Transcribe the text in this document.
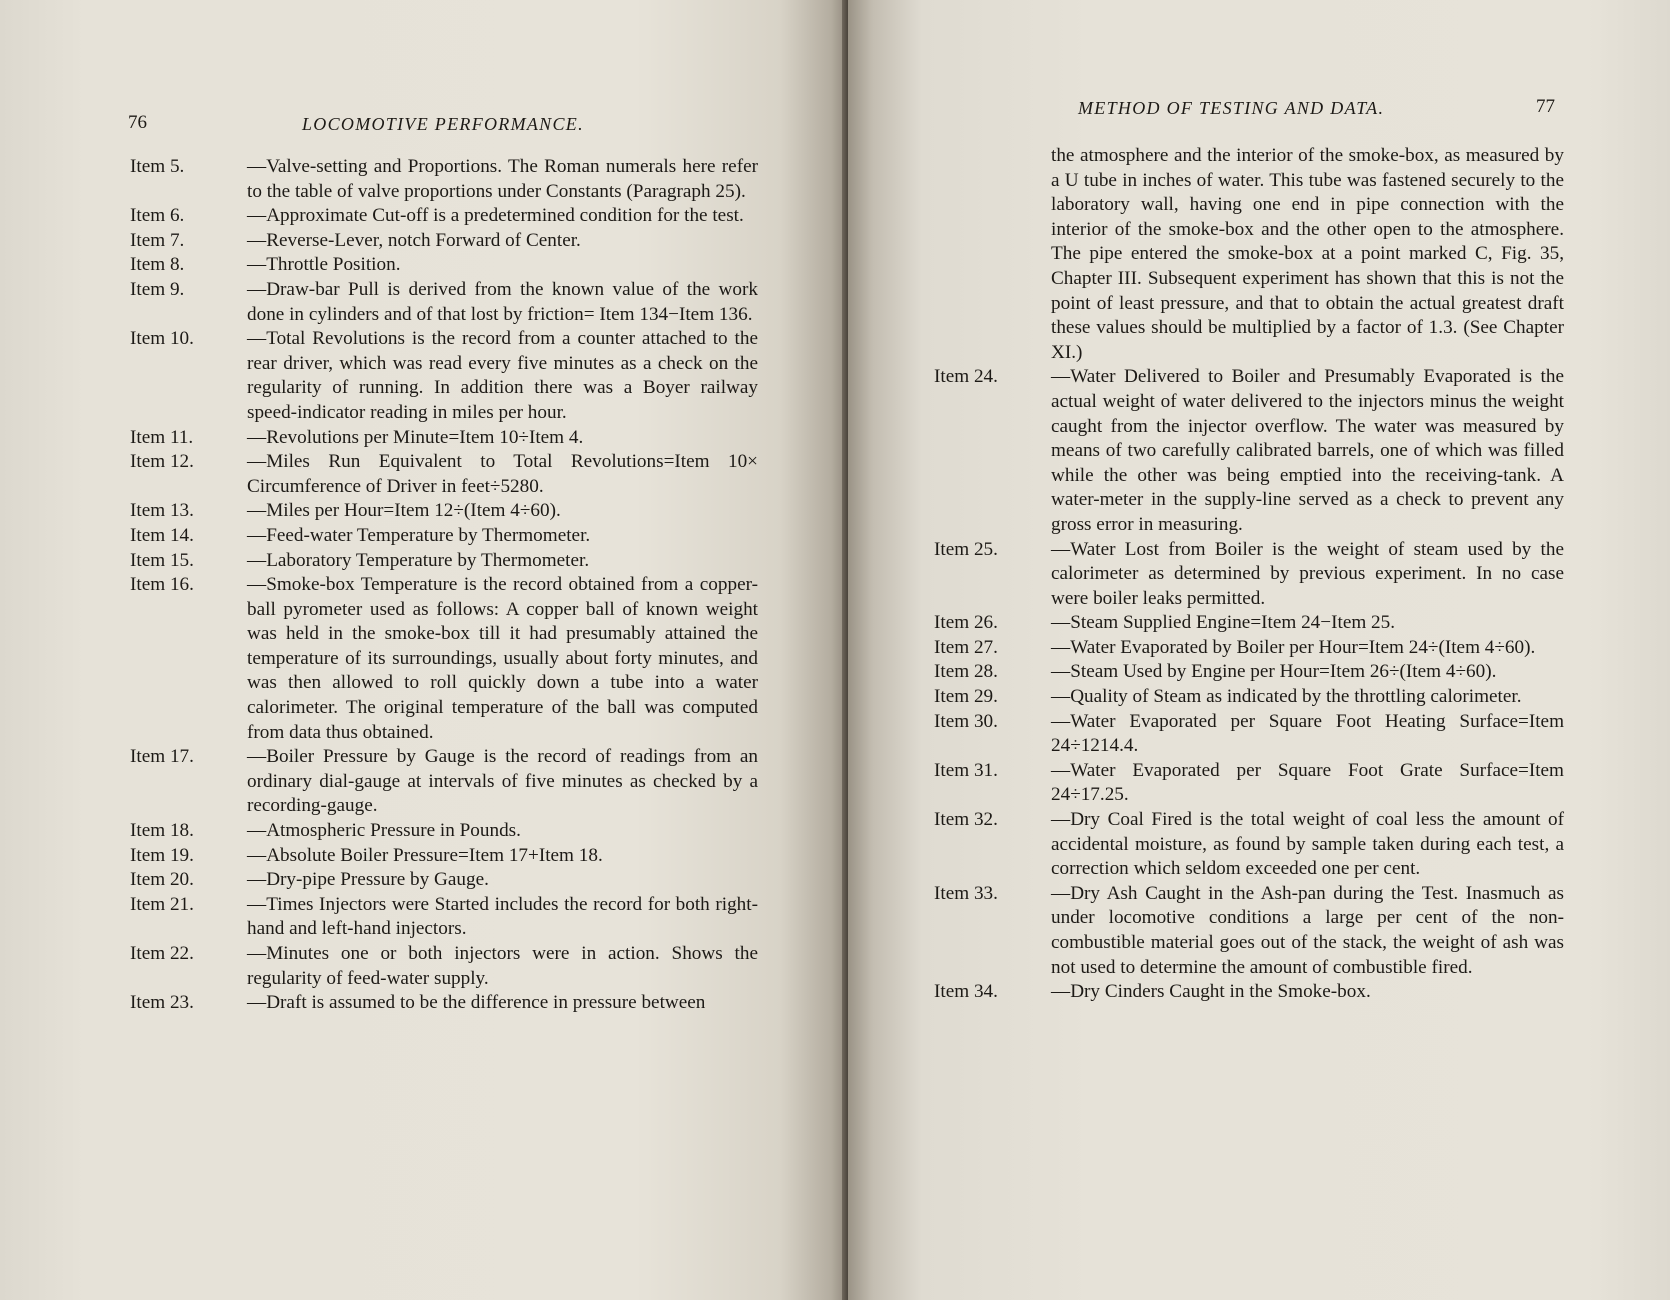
76	LOCOMOTIVE PERFORMANCE.
Item 5.	—Valve-setting and Proportions. The Roman numerals here refer to the table of valve proportions under Constants (Paragraph 25).
Item 6.	—Approximate Cut-off is a predetermined condition for the test.
Item 7.	—Reverse-Lever, notch Forward of Center.
Item 8.	—Throttle Position.
Item 9.	—Draw-bar Pull is derived from the known value of the work done in cylinders and of that lost by friction= Item 134−Item 136.
Item 10.	—Total Revolutions is the record from a counter attached to the rear driver, which was read every five minutes as a check on the regularity of running. In addition there was a Boyer railway speed-indicator reading in miles per hour.
Item 11.	—Revolutions per Minute=Item 10÷Item 4.
Item 12.	—Miles Run Equivalent to Total Revolutions=Item 10× Circumference of Driver in feet÷5280.
Item 13.	—Miles per Hour=Item 12÷(Item 4÷60).
Item 14.	—Feed-water Temperature by Thermometer.
Item 15.	—Laboratory Temperature by Thermometer.
Item 16.	—Smoke-box Temperature is the record obtained from a copper-ball pyrometer used as follows: A copper ball of known weight was held in the smoke-box till it had presumably attained the temperature of its surroundings, usually about forty minutes, and was then allowed to roll quickly down a tube into a water calorimeter. The original temperature of the ball was computed from data thus obtained.
Item 17.	—Boiler Pressure by Gauge is the record of readings from an ordinary dial-gauge at intervals of five minutes as checked by a recording-gauge.
Item 18.	—Atmospheric Pressure in Pounds.
Item 19.	—Absolute Boiler Pressure=Item 17+Item 18.
Item 20.	—Dry-pipe Pressure by Gauge.
Item 21.	—Times Injectors were Started includes the record for both right-hand and left-hand injectors.
Item 22.	—Minutes one or both injectors were in action. Shows the regularity of feed-water supply.
Item 23.	—Draft is assumed to be the difference in pressure between
METHOD OF TESTING AND DATA.	77
the atmosphere and the interior of the smoke-box, as measured by a U tube in inches of water. This tube was fastened securely to the laboratory wall, having one end in pipe connection with the interior of the smoke-box and the other open to the atmosphere. The pipe entered the smoke-box at a point marked C, Fig. 35, Chapter III. Subsequent experiment has shown that this is not the point of least pressure, and that to obtain the actual greatest draft these values should be multiplied by a factor of 1.3. (See Chapter XI.)
Item 24.	—Water Delivered to Boiler and Presumably Evaporated is the actual weight of water delivered to the injectors minus the weight caught from the injector overflow. The water was measured by means of two carefully calibrated barrels, one of which was filled while the other was being emptied into the receiving-tank. A water-meter in the supply-line served as a check to prevent any gross error in measuring.
Item 25.	—Water Lost from Boiler is the weight of steam used by the calorimeter as determined by previous experiment. In no case were boiler leaks permitted.
Item 26.	—Steam Supplied Engine=Item 24−Item 25.
Item 27.	—Water Evaporated by Boiler per Hour=Item 24÷(Item 4÷60).
Item 28.	—Steam Used by Engine per Hour=Item 26÷(Item 4÷60).
Item 29.	—Quality of Steam as indicated by the throttling calorimeter.
Item 30.	—Water Evaporated per Square Foot Heating Surface=Item 24÷1214.4.
Item 31.	—Water Evaporated per Square Foot Grate Surface=Item 24÷17.25.
Item 32.	—Dry Coal Fired is the total weight of coal less the amount of accidental moisture, as found by sample taken during each test, a correction which seldom exceeded one per cent.
Item 33.	—Dry Ash Caught in the Ash-pan during the Test. Inasmuch as under locomotive conditions a large per cent of the non-combustible material goes out of the stack, the weight of ash was not used to determine the amount of combustible fired.
Item 34.	—Dry Cinders Caught in the Smoke-box.
